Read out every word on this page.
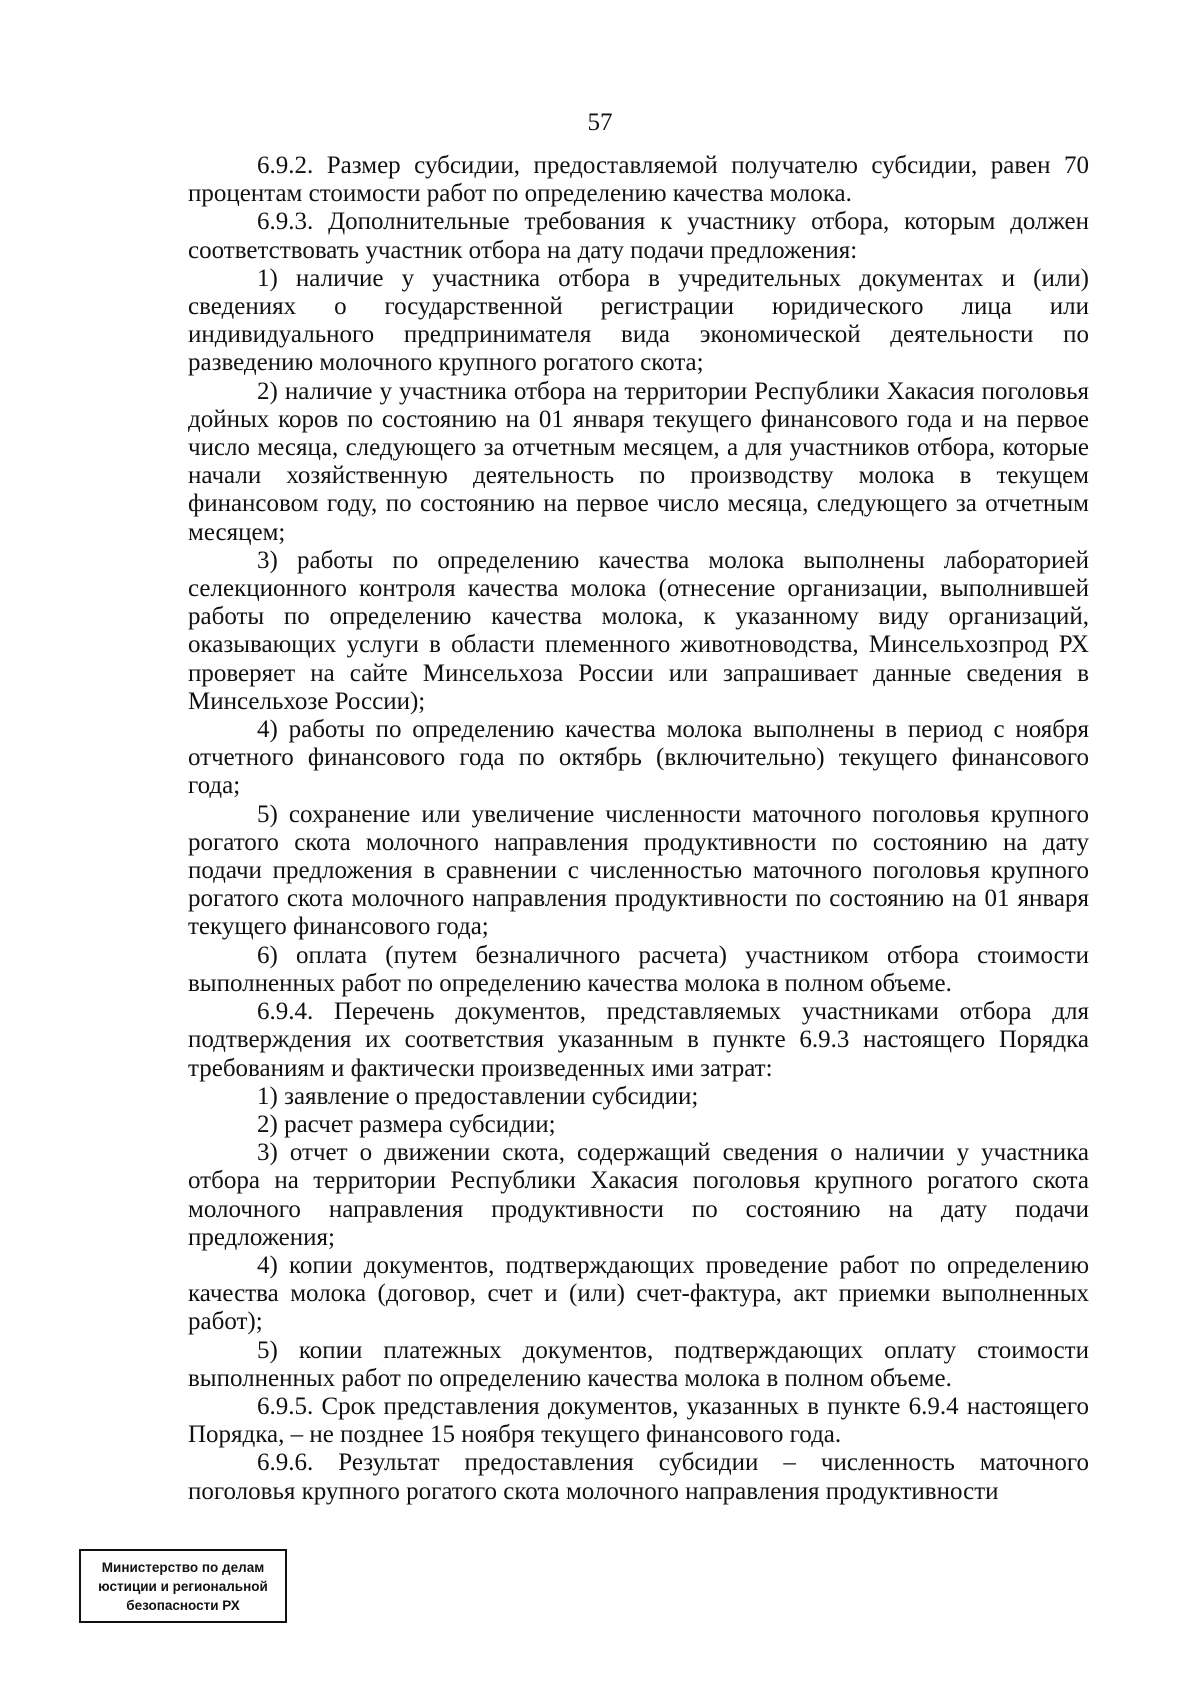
57

6.9.2. Размер субсидии, предоставляемой получателю субсидии, равен 70 процентам стоимости работ по определению качества молока.

6.9.3. Дополнительные требования к участнику отбора, которым должен соответствовать участник отбора на дату подачи предложения:

1) наличие у участника отбора в учредительных документах и (или) сведениях о государственной регистрации юридического лица или индивидуального предпринимателя вида экономической деятельности по разведению молочного крупного рогатого скота;

2) наличие у участника отбора на территории Республики Хакасия поголовья дойных коров по состоянию на 01 января текущего финансового года и на первое число месяца, следующего за отчетным месяцем, а для участников отбора, которые начали хозяйственную деятельность по производству молока в текущем финансовом году, по состоянию на первое число месяца, следующего за отчетным месяцем;

3) работы по определению качества молока выполнены лабораторией селекционного контроля качества молока (отнесение организации, выполнившей работы по определению качества молока, к указанному виду организаций, оказывающих услуги в области племенного животноводства, Минсельхозпрод РХ проверяет на сайте Минсельхоза России или запрашивает данные сведения в Минсельхозе России);

4) работы по определению качества молока выполнены в период с ноября отчетного финансового года по октябрь (включительно) текущего финансового года;

5) сохранение или увеличение численности маточного поголовья крупного рогатого скота молочного направления продуктивности по состоянию на дату подачи предложения в сравнении с численностью маточного поголовья крупного рогатого скота молочного направления продуктивности по состоянию на 01 января текущего финансового года;

6) оплата (путем безналичного расчета) участником отбора стоимости выполненных работ по определению качества молока в полном объеме.

6.9.4. Перечень документов, представляемых участниками отбора для подтверждения их соответствия указанным в пункте 6.9.3 настоящего Порядка требованиям и фактически произведенных ими затрат:

1) заявление о предоставлении субсидии;

2) расчет размера субсидии;

3) отчет о движении скота, содержащий сведения о наличии у участника отбора на территории Республики Хакасия поголовья крупного рогатого скота молочного направления продуктивности по состоянию на дату подачи предложения;

4) копии документов, подтверждающих проведение работ по определению качества молока (договор, счет и (или) счет-фактура, акт приемки выполненных работ);

5) копии платежных документов, подтверждающих оплату стоимости выполненных работ по определению качества молока в полном объеме.

6.9.5. Срок представления документов, указанных в пункте 6.9.4 настоящего Порядка, – не позднее 15 ноября текущего финансового года.

6.9.6. Результат предоставления субсидии – численность маточного поголовья крупного рогатого скота молочного направления продуктивности

Министерство по делам
юстиции и региональной
безопасности РХ
